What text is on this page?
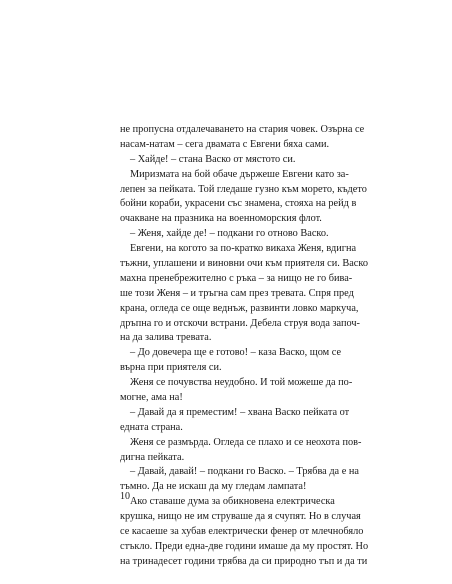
не пропусна отдалечаването на стария човек. Озърна се
насам-натам – сега двамата с Евгени бяха сами.
– Хайде! – стана Васко от мястото си.
Миризмата на бой обаче държеше Евгени като за-
лепен за пейката. Той гледаше гузно към морето, където
бойни кораби, украсени със знамена, стояха на рейд в
очакване на празника на военноморския флот.
– Женя, хайде де! – подкани го отново Васко.
Евгени, на когото за по-кратко викаха Женя, вдигна
тъжни, уплашени и виновни очи към приятеля си. Васко
махна пренебрежително с ръка – за нищо не го бива-
ше този Женя – и тръгна сам през тревата. Спря пред
крана, огледа се още веднъж, развинти ловко маркуча,
дръпна го и отскочи встрани. Дебела струя вода започ-
на да залива тревата.
– До довечера ще е готово! – каза Васко, щом се
върна при приятеля си.
Женя се почувства неудобно. И той можеше да по-
могне, ама на!
– Давай да я преместим! – хвана Васко пейката от
едната страна.
Женя се размърда. Огледа се плахо и се неохота пов-
дигна пейката.
– Давай, давай! – подкани го Васко. – Трябва да е на
тъмно. Да не искаш да му гледам лампата!
Ако ставаше дума за обикновена електрическа
крушка, нищо не им струваше да я счупят. Но в случая
се касаеше за хубав електрически фенер от млечнобяло
стъкло. Преди една-две години имаше да му простят. Но
на тринадесет години трябва да си природно тъп и да ти
10
